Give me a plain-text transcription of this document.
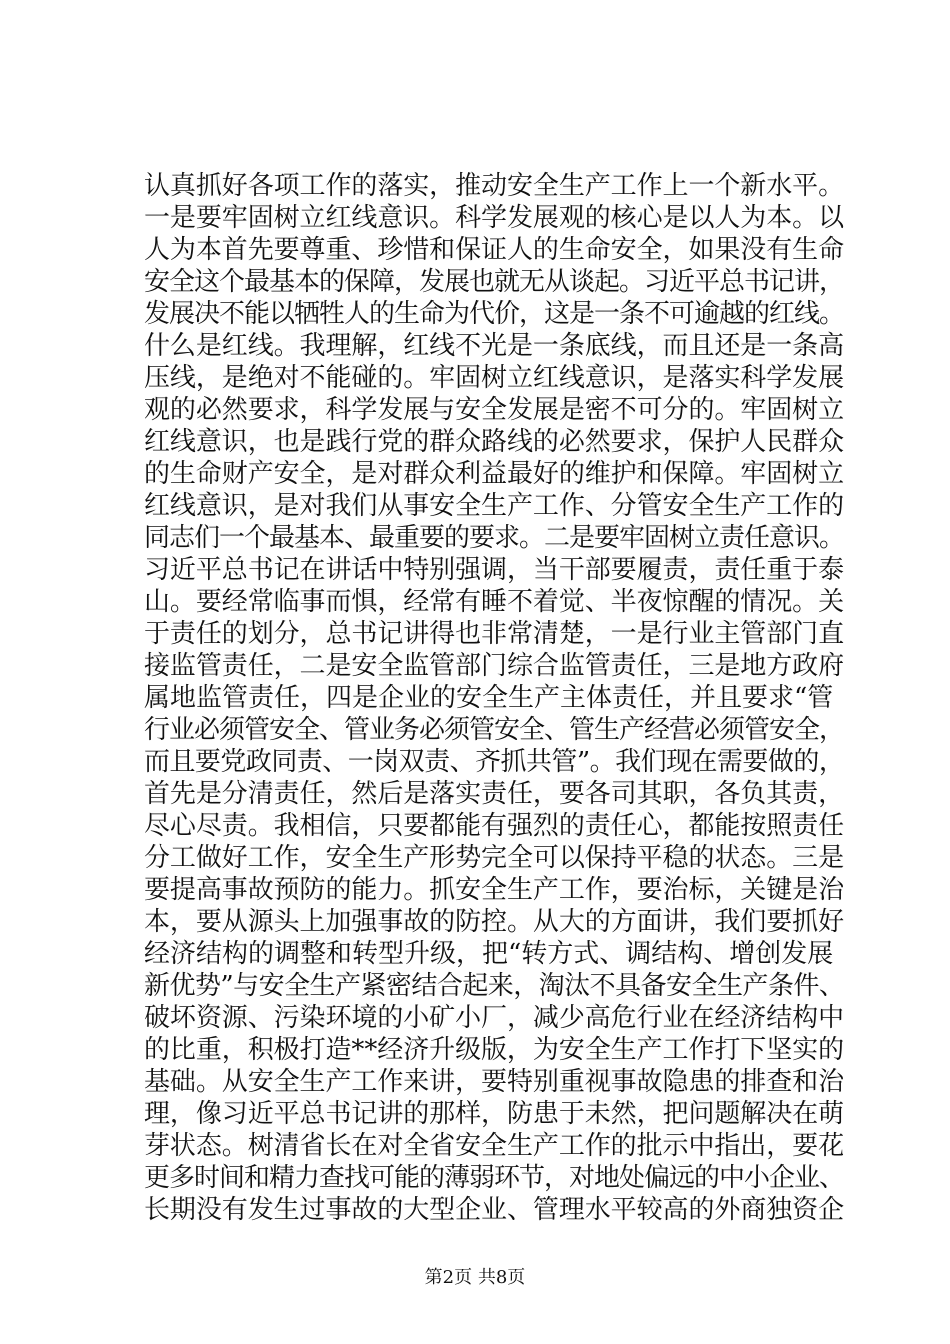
认真抓好各项工作的落实，推动安全生产工作上一个新水平。
一是要牢固树立红线意识。科学发展观的核心是以人为本。以
人为本首先要尊重、珍惜和保证人的生命安全，如果没有生命
安全这个最基本的保障，发展也就无从谈起。习近平总书记讲，
发展决不能以牺牲人的生命为代价，这是一条不可逾越的红线。
什么是红线。我理解，红线不光是一条底线，而且还是一条高
压线，是绝对不能碰的。牢固树立红线意识，是落实科学发展
观的必然要求，科学发展与安全发展是密不可分的。牢固树立
红线意识，也是践行党的群众路线的必然要求，保护人民群众
的生命财产安全，是对群众利益最好的维护和保障。牢固树立
红线意识，是对我们从事安全生产工作、分管安全生产工作的
同志们一个最基本、最重要的要求。二是要牢固树立责任意识。
习近平总书记在讲话中特别强调，当干部要履责，责任重于泰
山。要经常临事而惧，经常有睡不着觉、半夜惊醒的情况。关
于责任的划分，总书记讲得也非常清楚，一是行业主管部门直
接监管责任，二是安全监管部门综合监管责任，三是地方政府
属地监管责任，四是企业的安全生产主体责任，并且要求“管
行业必须管安全、管业务必须管安全、管生产经营必须管安全，
而且要党政同责、一岗双责、齐抓共管”。我们现在需要做的，
首先是分清责任，然后是落实责任，要各司其职，各负其责，
尽心尽责。我相信，只要都能有强烈的责任心，都能按照责任
分工做好工作，安全生产形势完全可以保持平稳的状态。三是
要提高事故预防的能力。抓安全生产工作，要治标，关键是治
本，要从源头上加强事故的防控。从大的方面讲，我们要抓好
经济结构的调整和转型升级，把“转方式、调结构、增创发展
新优势”与安全生产紧密结合起来，淘汰不具备安全生产条件、
破坏资源、污染环境的小矿小厂，减少高危行业在经济结构中
的比重，积极打造**经济升级版，为安全生产工作打下坚实的
基础。从安全生产工作来讲，要特别重视事故隐患的排查和治
理，像习近平总书记讲的那样，防患于未然，把问题解决在萌
芽状态。树清省长在对全省安全生产工作的批示中指出，要花
更多时间和精力查找可能的薄弱环节，对地处偏远的中小企业、
长期没有发生过事故的大型企业、管理水平较高的外商独资企
第2页 共8页
